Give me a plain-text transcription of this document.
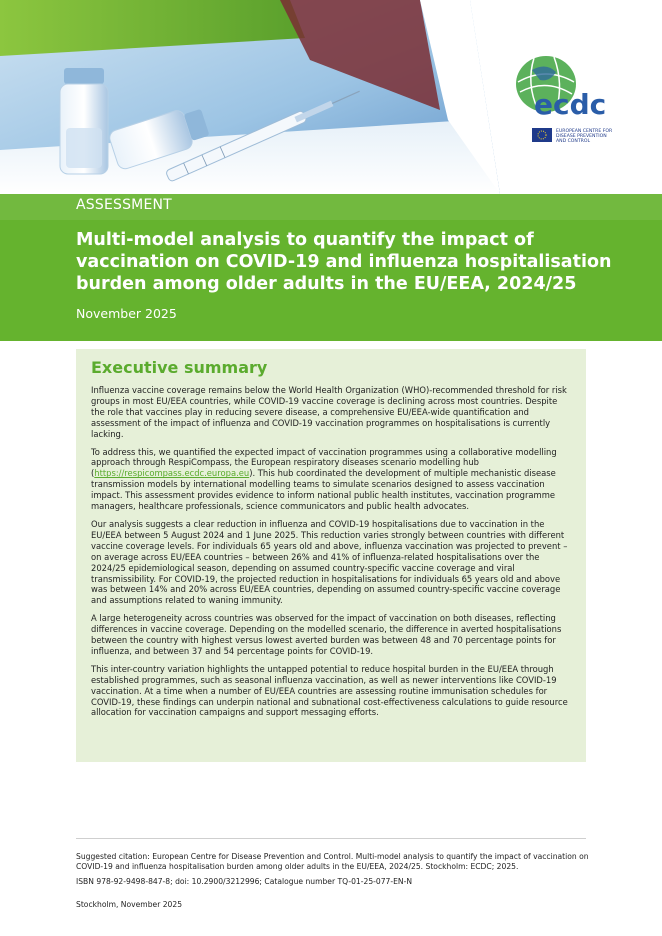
ecdc
EUROPEAN CENTRE FOR
DISEASE PREVENTION
AND CONTROL
ASSESSMENT
Multi-model analysis to quantify the impact of vaccination on COVID-19 and influenza hospitalisation burden among older adults in the EU/EEA, 2024/25
November 2025
Executive summary

Influenza vaccine coverage remains below the World Health Organization (WHO)-recommended threshold for risk groups in most EU/EEA countries, while COVID-19 vaccine coverage is declining across most countries. Despite the role that vaccines play in reducing severe disease, a comprehensive EU/EEA-wide quantification and assessment of the impact of influenza and COVID-19 vaccination programmes on hospitalisations is currently lacking.

To address this, we quantified the expected impact of vaccination programmes using a collaborative modelling approach through RespiCompass, the European respiratory diseases scenario modelling hub (https://respicompass.ecdc.europa.eu). This hub coordinated the development of multiple mechanistic disease transmission models by international modelling teams to simulate scenarios designed to assess vaccination impact. This assessment provides evidence to inform national public health institutes, vaccination programme managers, healthcare professionals, science communicators and public health advocates.

Our analysis suggests a clear reduction in influenza and COVID-19 hospitalisations due to vaccination in the EU/EEA between 5 August 2024 and 1 June 2025. This reduction varies strongly between countries with different vaccine coverage levels. For individuals 65 years old and above, influenza vaccination was projected to prevent – on average across EU/EEA countries – between 26% and 41% of influenza-related hospitalisations over the 2024/25 epidemiological season, depending on assumed country-specific vaccine coverage and viral transmissibility. For COVID-19, the projected reduction in hospitalisations for individuals 65 years old and above was between 14% and 20% across EU/EEA countries, depending on assumed country-specific vaccine coverage and assumptions related to waning immunity.

A large heterogeneity across countries was observed for the impact of vaccination on both diseases, reflecting differences in vaccine coverage. Depending on the modelled scenario, the difference in averted hospitalisations between the country with highest versus lowest averted burden was between 48 and 70 percentage points for influenza, and between 37 and 54 percentage points for COVID-19.

This inter-country variation highlights the untapped potential to reduce hospital burden in the EU/EEA through established programmes, such as seasonal influenza vaccination, as well as newer interventions like COVID-19 vaccination. At a time when a number of EU/EEA countries are assessing routine immunisation schedules for COVID-19, these findings can underpin national and subnational cost-effectiveness calculations to guide resource allocation for vaccination campaigns and support messaging efforts.

Suggested citation: European Centre for Disease Prevention and Control. Multi-model analysis to quantify the impact of vaccination on COVID-19 and influenza hospitalisation burden among older adults in the EU/EEA, 2024/25. Stockholm: ECDC; 2025.

ISBN 978-92-9498-847-8; doi: 10.2900/3212996; Catalogue number TQ-01-25-077-EN-N

Stockholm, November 2025
